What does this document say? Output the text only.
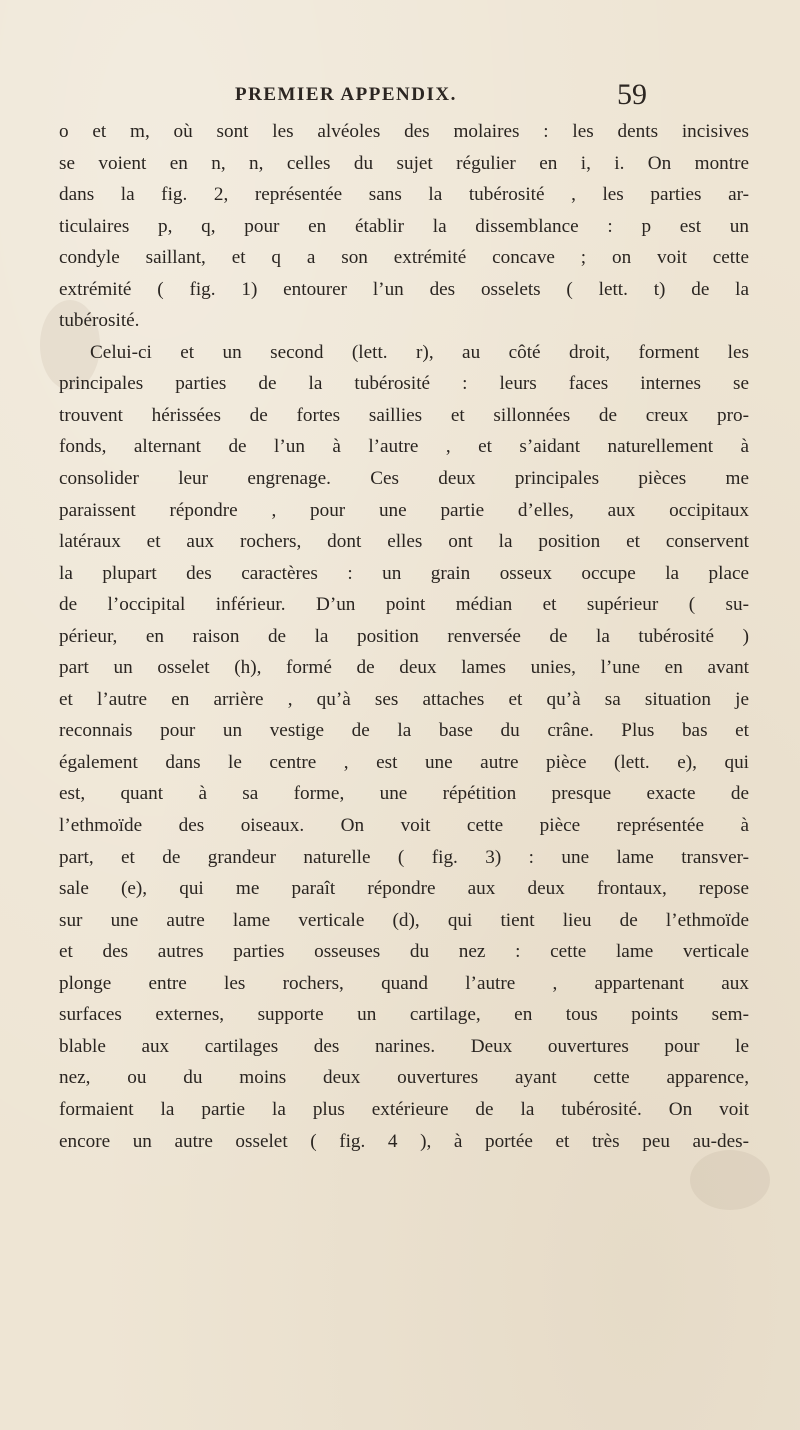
PREMIER APPENDIX.	59
o et m, où sont les alvéoles des molaires : les dents incisives
se voient en n, n, celles du sujet régulier en i, i. On montre
dans la fig. 2, représentée sans la tubérosité , les parties ar-
ticulaires p, q, pour en établir la dissemblance : p est un
condyle saillant, et q a son extrémité concave ; on voit cette
extrémité ( fig. 1) entourer l’un des osselets ( lett. t) de la
tubérosité.
Celui-ci et un second (lett. r), au côté droit, forment les
principales parties de la tubérosité : leurs faces internes se
trouvent hérissées de fortes saillies et sillonnées de creux pro-
fonds, alternant de l’un à l’autre , et s’aidant naturellement à
consolider leur engrenage. Ces deux principales pièces me
paraissent répondre , pour une partie d’elles, aux occipitaux
latéraux et aux rochers, dont elles ont la position et conservent
la plupart des caractères : un grain osseux occupe la place
de l’occipital inférieur. D’un point médian et supérieur ( su-
périeur, en raison de la position renversée de la tubérosité )
part un osselet (h), formé de deux lames unies, l’une en avant
et l’autre en arrière , qu’à ses attaches et qu’à sa situation je
reconnais pour un vestige de la base du crâne. Plus bas et
également dans le centre , est une autre pièce (lett. e), qui
est, quant à sa forme, une répétition presque exacte de
l’ethmoïde des oiseaux. On voit cette pièce représentée à
part, et de grandeur naturelle ( fig. 3) : une lame transver-
sale (e), qui me paraît répondre aux deux frontaux, repose
sur une autre lame verticale (d), qui tient lieu de l’ethmoïde
et des autres parties osseuses du nez : cette lame verticale
plonge entre les rochers, quand l’autre , appartenant aux
surfaces externes, supporte un cartilage, en tous points sem-
blable aux cartilages des narines. Deux ouvertures pour le
nez, ou du moins deux ouvertures ayant cette apparence,
formaient la partie la plus extérieure de la tubérosité. On voit
encore un autre osselet ( fig. 4 ), à portée et très peu au-des-
